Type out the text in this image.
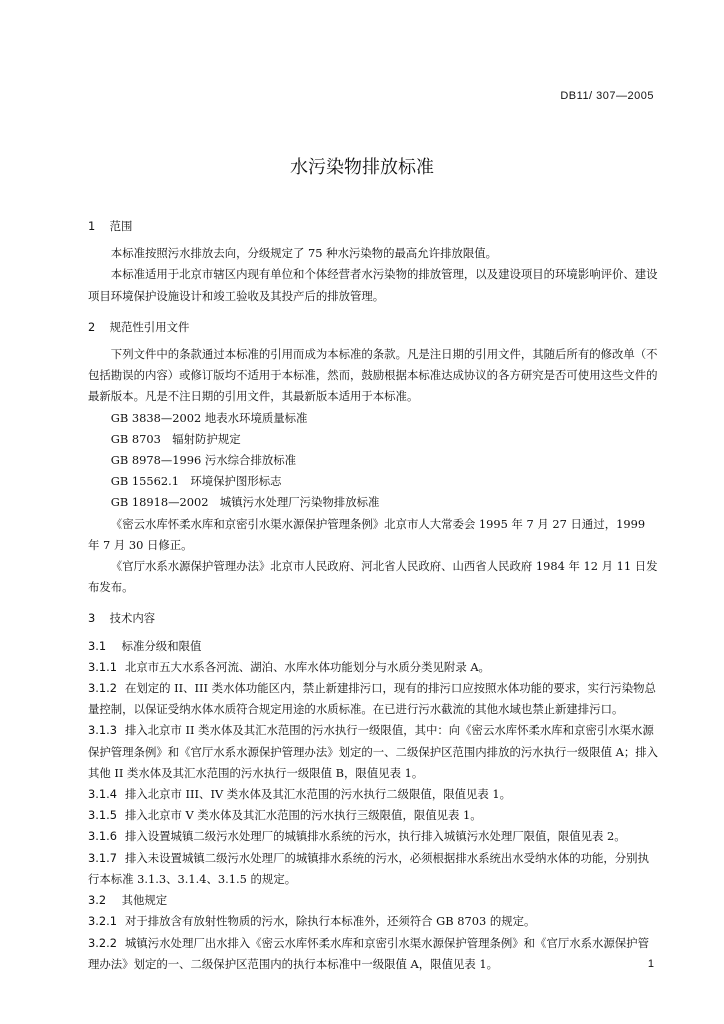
DB11/ 307—2005
水污染物排放标准
1 范围

本标准按照污水排放去向，分级规定了 75 种水污染物的最高允许排放限值。

本标准适用于北京市辖区内现有单位和个体经营者水污染物的排放管理，以及建设项目的环境影响评价、建设项目环境保护设施设计和竣工验收及其投产后的排放管理。

2 规范性引用文件

下列文件中的条款通过本标准的引用而成为本标准的条款。凡是注日期的引用文件，其随后所有的修改单（不包括勘误的内容）或修订版均不适用于本标准，然而，鼓励根据本标准达成协议的各方研究是否可使用这些文件的最新版本。凡是不注日期的引用文件，其最新版本适用于本标准。

GB 3838—2002 地表水环境质量标准

GB 8703　辐射防护规定

GB 8978—1996 污水综合排放标准

GB 15562.1　环境保护图形标志

GB 18918—2002　城镇污水处理厂污染物排放标准

《密云水库怀柔水库和京密引水渠水源保护管理条例》北京市人大常委会 1995 年 7 月 27 日通过，1999 年 7 月 30 日修正。

《官厅水系水源保护管理办法》北京市人民政府、河北省人民政府、山西省人民政府 1984 年 12 月 11 日发布发布。

3 技术内容
3.1 标准分级和限值

3.1.1 北京市五大水系各河流、湖泊、水库水体功能划分与水质分类见附录 A。

3.1.2 在划定的 II、III 类水体功能区内，禁止新建排污口，现有的排污口应按照水体功能的要求，实行污染物总量控制，以保证受纳水体水质符合规定用途的水质标准。在已进行污水截流的其他水域也禁止新建排污口。

3.1.3 排入北京市 II 类水体及其汇水范围的污水执行一级限值，其中：向《密云水库怀柔水库和京密引水渠水源保护管理条例》和《官厅水系水源保护管理办法》划定的一、二级保护区范围内排放的污水执行一级限值 A；排入其他 II 类水体及其汇水范围的污水执行一级限值 B，限值见表 1。

3.1.4 排入北京市 III、IV 类水体及其汇水范围的污水执行二级限值，限值见表 1。

3.1.5 排入北京市 V 类水体及其汇水范围的污水执行三级限值，限值见表 1。

3.1.6 排入设置城镇二级污水处理厂的城镇排水系统的污水，执行排入城镇污水处理厂限值，限值见表 2。

3.1.7 排入未设置城镇二级污水处理厂的城镇排水系统的污水，必须根据排水系统出水受纳水体的功能，分别执行本标准 3.1.3、3.1.4、3.1.5 的规定。

3.2 其他规定

3.2.1 对于排放含有放射性物质的污水，除执行本标准外，还须符合 GB 8703 的规定。

3.2.2 城镇污水处理厂出水排入《密云水库怀柔水库和京密引水渠水源保护管理条例》和《官厅水系水源保护管理办法》划定的一、二级保护区范围内的执行本标准中一级限值 A，限值见表 1。	1
